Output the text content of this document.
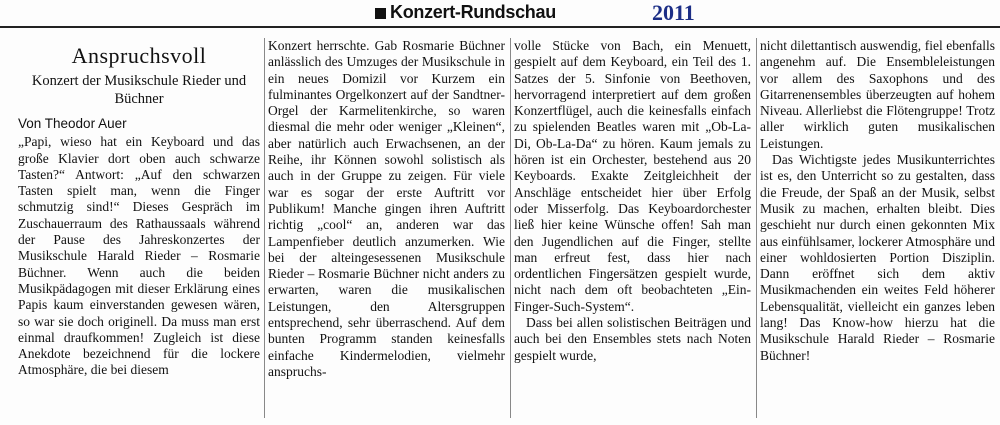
Konzert-Rundschau	2011
Anspruchsvoll
Konzert der Musikschule Rieder und Büchner
Von Theodor Auer

„Papi, wieso hat ein Keyboard und das große Klavier dort oben auch schwarze Tasten?“ Antwort: „Auf den schwarzen Tasten spielt man, wenn die Finger schmutzig sind!“ Dieses Gespräch im Zuschauerraum des Rathaussaals während der Pause des Jahreskonzertes der Musikschule Harald Rieder – Rosmarie Büchner. Wenn auch die beiden Musikpädagogen mit dieser Erklärung eines Papis kaum einverstanden gewesen wären, so war sie doch originell. Da muss man erst einmal draufkommen! Zugleich ist diese Anekdote bezeichnend für die lockere Atmosphäre, die bei diesem

Konzert herrschte. Gab Rosmarie Büchner anlässlich des Umzuges der Musikschule in ein neues Domizil vor Kurzem ein fulminantes Orgelkonzert auf der Sandtner-Orgel der Karmelitenkirche, so waren diesmal die mehr oder weniger „Kleinen“, aber natürlich auch Erwachsenen, an der Reihe, ihr Können sowohl solistisch als auch in der Gruppe zu zeigen. Für viele war es sogar der erste Auftritt vor Publikum! Manche gingen ihren Auftritt richtig „cool“ an, anderen war das Lampenfieber deutlich anzumerken. Wie bei der alteingesessenen Musikschule Rieder – Rosmarie Büchner nicht anders zu erwarten, waren die musikalischen Leistungen, den Altersgruppen entsprechend, sehr überraschend. Auf dem bunten Programm standen keinesfalls einfache Kindermelodien, vielmehr anspruchs-

volle Stücke von Bach, ein Menuett, gespielt auf dem Keyboard, ein Teil des 1. Satzes der 5. Sinfonie von Beethoven, hervorragend interpretiert auf dem großen Konzertflügel, auch die keinesfalls einfach zu spielenden Beatles waren mit „Ob-La-Di, Ob-La-Da“ zu hören. Kaum jemals zu hören ist ein Orchester, bestehend aus 20 Keyboards. Exakte Zeitgleichheit der Anschläge entscheidet hier über Erfolg oder Misserfolg. Das Keyboardorchester ließ hier keine Wünsche offen! Sah man den Jugendlichen auf die Finger, stellte man erfreut fest, dass hier nach ordentlichen Fingersätzen gespielt wurde, nicht nach dem oft beobachteten „Ein-Finger-Such-System“.

Dass bei allen solistischen Beiträgen und auch bei den Ensembles stets nach Noten gespielt wurde,

nicht dilettantisch auswendig, fiel ebenfalls angenehm auf. Die Ensembleleistungen vor allem des Saxophons und des Gitarrenensembles überzeugten auf hohem Niveau. Allerliebst die Flötengruppe! Trotz aller wirklich guten musikalischen Leistungen.

Das Wichtigste jedes Musikunterrichtes ist es, den Unterricht so zu gestalten, dass die Freude, der Spaß an der Musik, selbst Musik zu machen, erhalten bleibt. Dies geschieht nur durch einen gekonnten Mix aus einfühlsamer, lockerer Atmosphäre und einer wohldosierten Portion Disziplin. Dann eröffnet sich dem aktiv Musikmachenden ein weites Feld höherer Lebensqualität, vielleicht ein ganzes leben lang! Das Know-how hierzu hat die Musikschule Harald Rieder – Rosmarie Büchner!
